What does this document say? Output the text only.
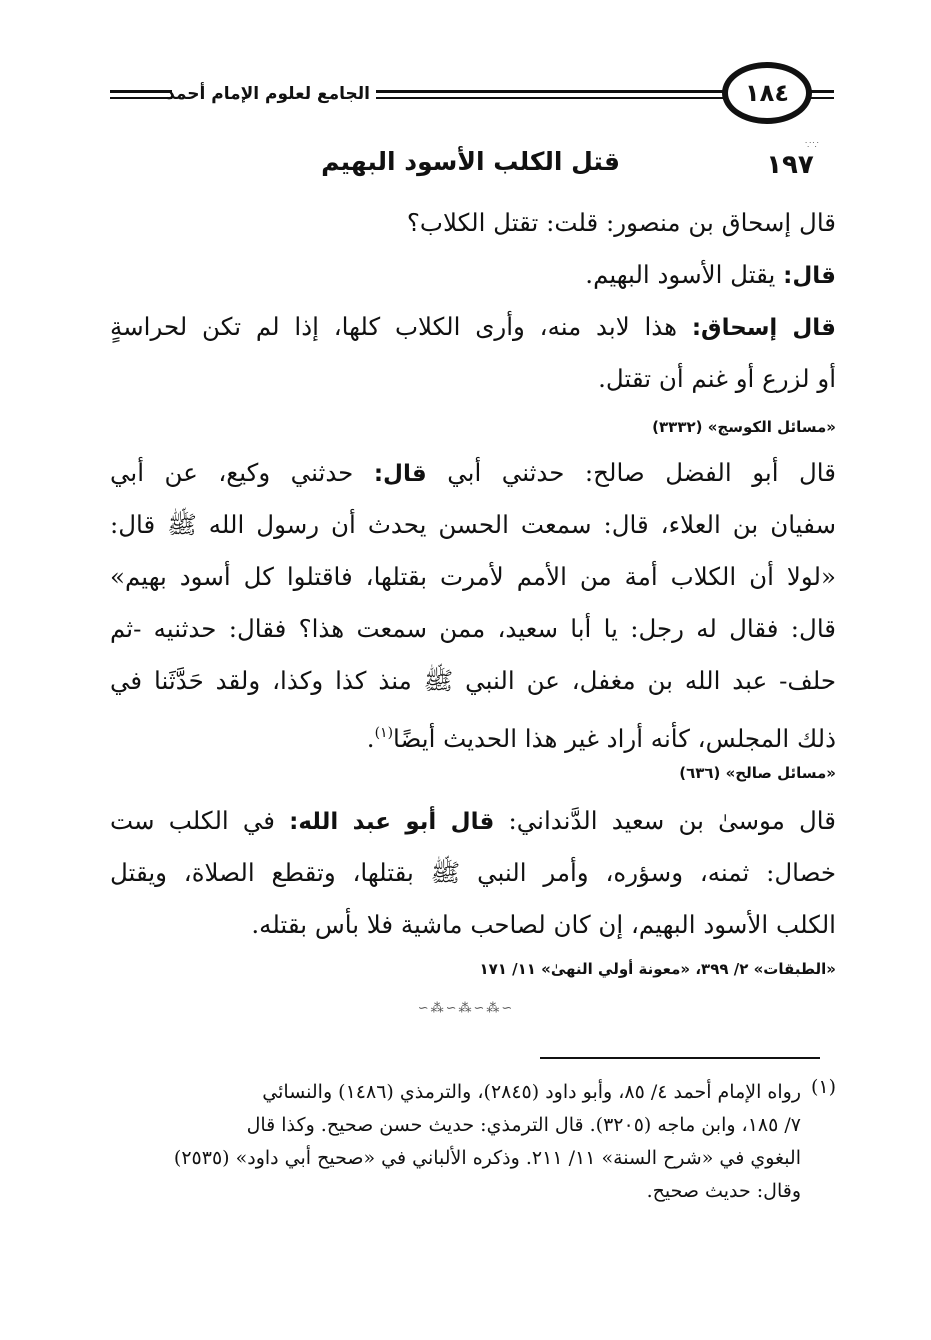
الجامع لعلوم الإمام أحمد	١٨٤
∵∵
١٩٧
قتل الكلب الأسود البهيم
قال إسحاق بن منصور: قلت: تقتل الكلاب؟
قال: يقتل الأسود البهيم.
قال إسحاق: هذا لابد منه، وأرى الكلاب كلها، إذا لم تكن لحراسةٍ
أو لزرع أو غنم أن تقتل.
«مسائل الكوسج» (٣٣٣٢)
قال أبو الفضل صالح: حدثني أبي قال: حدثني وكيع، عن أبي
سفيان بن العلاء، قال: سمعت الحسن يحدث أن رسول الله ﷺ قال:
«لولا أن الكلاب أمة من الأمم لأمرت بقتلها، فاقتلوا كل أسود بهيم»
قال: فقال له رجل: يا أبا سعيد، ممن سمعت هذا؟ فقال: حدثنيه -ثم
حلف- عبد الله بن مغفل، عن النبي ﷺ منذ كذا وكذا، ولقد حَدَّثَنا في
ذلك المجلس، كأنه أراد غير هذا الحديث أيضًا$^{(١)}$.
«مسائل صالح» (٦٣٦)
قال موسىٰ بن سعيد الدَّنداني: قال أبو عبد الله: في الكلب ست
خصال: ثمنه، وسؤره، وأمر النبي ﷺ بقتلها، وتقطع الصلاة، ويقتل
الكلب الأسود البهيم، إن كان لصاحب ماشية فلا بأس بقتله.
«الطبقات» ٢/ ٣٩٩، «معونة أولي النهىٰ» ١١/ ١٧١
∽⁂∽⁂∽⁂∽
(١)
رواه الإمام أحمد ٤/ ٨٥، وأبو داود (٢٨٤٥)، والترمذي (١٤٨٦) والنسائي
٧/ ١٨٥، وابن ماجه (٣٢٠٥). قال الترمذي: حديث حسن صحيح. وكذا قال
البغوي في «شرح السنة» ١١/ ٢١١. وذكره الألباني في «صحيح أبي داود» (٢٥٣٥)
وقال: حديث صحيح.
